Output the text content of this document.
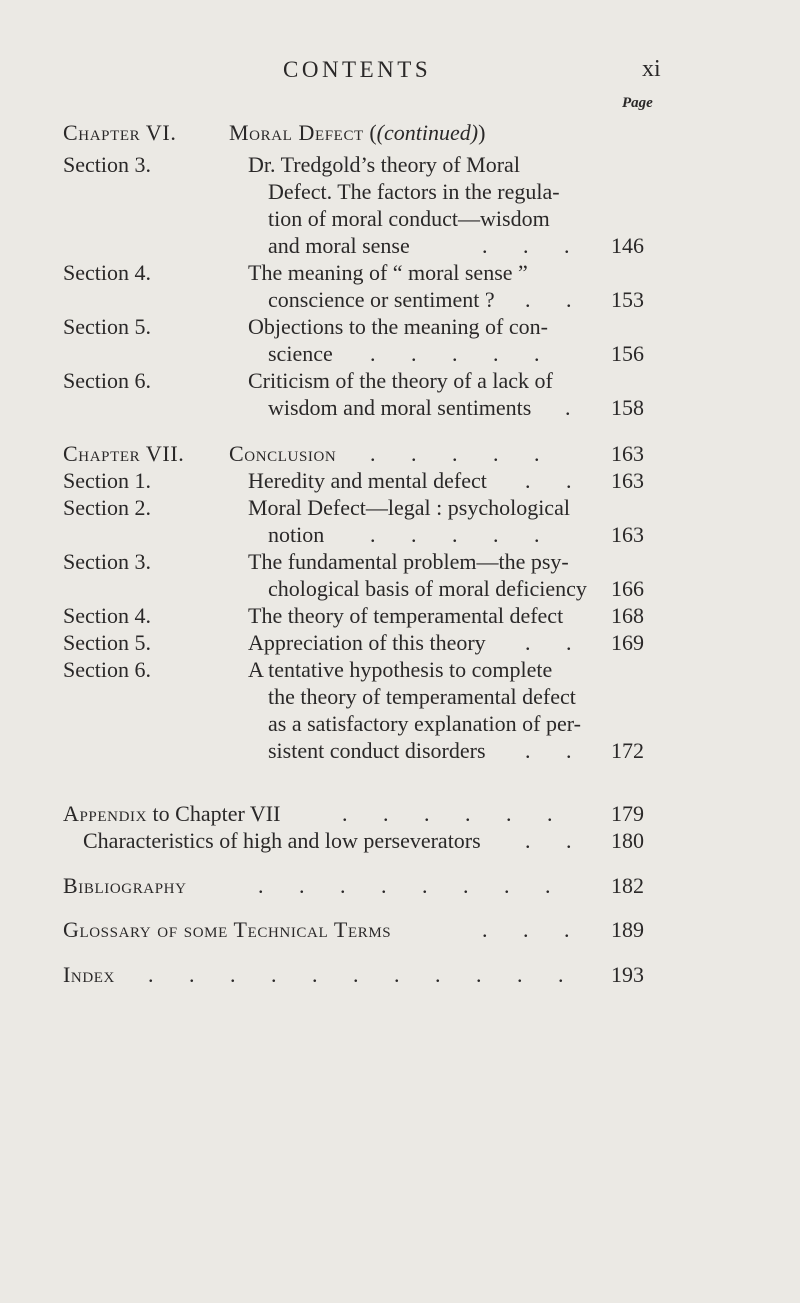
CONTENTS	xi
Page
Chapter VI. Moral Defect ((continued))
Section 3.	Dr. Tredgold’s theory of Moral
Defect. The factors in the regula-
tion of moral conduct—wisdom
and moral sense	. . .	146
Section 4.	The meaning of “ moral sense ”
conscience or sentiment ? . .	153
Section 5.	Objections to the meaning of con-
science . . . . .	156
Section 6.	Criticism of the theory of a lack of
wisdom and moral sentiments .	158
Chapter VII. Conclusion . . . . .	163
Section 1.	Heredity and mental defect . .	163
Section 2.	Moral Defect—legal : psychological
notion . . . . .	163
Section 3.	The fundamental problem—the psy-
chological basis of moral deficiency	166
Section 4.	The theory of temperamental defect	168
Section 5.	Appreciation of this theory . .	169
Section 6.	A tentative hypothesis to complete
the theory of temperamental defect
as a satisfactory explanation of per-
sistent conduct disorders . .	172
Appendix to Chapter VII	. . . . . .	179
Characteristics of high and low perseverators . .	180
Bibliography	. . . . . . . .	182
Glossary of some Technical Terms	. . .	189
Index . . . . . . . . . . .	193
